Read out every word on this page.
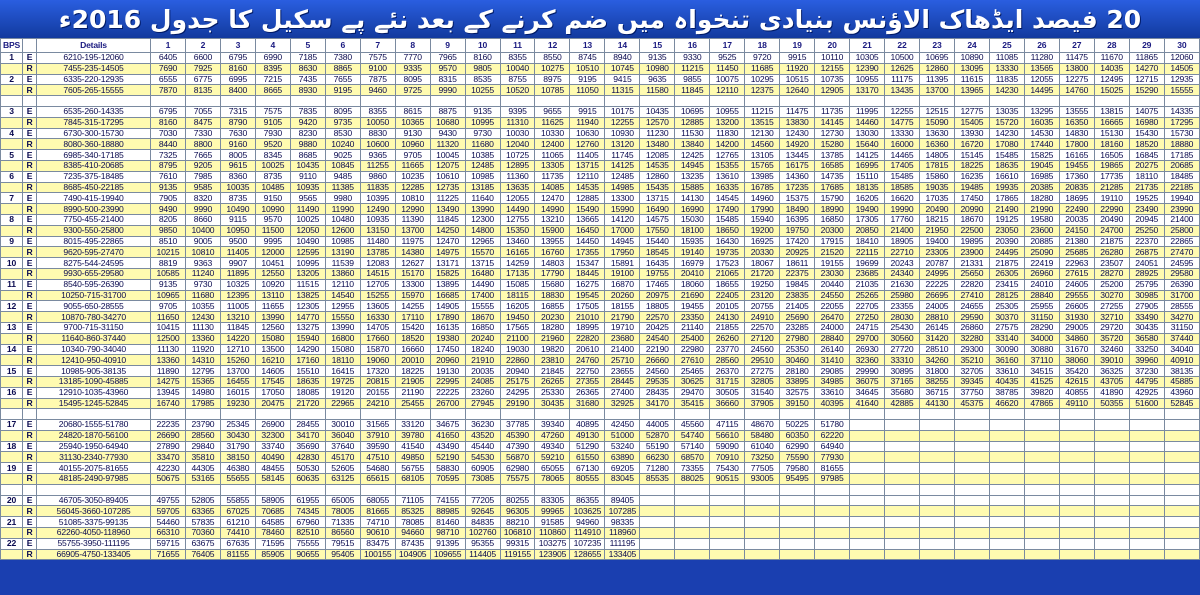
20 فیصد ایڈھاک الاؤنس بنیادی تنخواہ میں ضم کرنے کے بعد نئے پے سکیل کا جدول 2016ء
BPS		Details	1	2	3	4	5	6	7	8	9	10	11	12	13	14	15	16	17	18	19	20	21	22	23	24	25	26	27	28	29	30
1	E	6210-195-12060	6405	6600	6795	6990	7185	7380	7575	7770	7965	8160	8355	8550	8745	8940	9135	9330	9525	9720	9915	10110	10305	10500	10695	10890	11085	11280	11475	11670	11865	12060
	R	7455-235-14505	7690	7925	8160	8395	8630	8865	9100	9335	9570	9805	10040	10275	10510	10745	10980	11215	11450	11685	11920	12155	12390	12625	12860	13095	13330	13565	13800	14035	14270	14505
2	E	6335-220-12935	6555	6775	6995	7215	7435	7655	7875	8095	8315	8535	8755	8975	9195	9415	9635	9855	10075	10295	10515	10735	10955	11175	11395	11615	11835	12055	12275	12495	12715	12935
	R	7605-265-15555	7870	8135	8400	8665	8930	9195	9460	9725	9990	10255	10520	10785	11050	11315	11580	11845	12110	12375	12640	12905	13170	13435	13700	13965	14230	14495	14760	15025	15290	15555

3	E	6535-260-14335	6795	7055	7315	7575	7835	8095	8355	8615	8875	9135	9395	9655	9915	10175	10435	10695	10955	11215	11475	11735	11995	12255	12515	12775	13035	13295	13555	13815	14075	14335
	R	7845-315-17295	8160	8475	8790	9105	9420	9735	10050	10365	10680	10995	11310	11625	11940	12255	12570	12885	13200	13515	13830	14145	14460	14775	15090	15405	15720	16035	16350	16665	16980	17295
4	E	6730-300-15730	7030	7330	7630	7930	8230	8530	8830	9130	9430	9730	10030	10330	10630	10930	11230	11530	11830	12130	12430	12730	13030	13330	13630	13930	14230	14530	14830	15130	15430	15730
	R	8080-360-18880	8440	8800	9160	9520	9880	10240	10600	10960	11320	11680	12040	12400	12760	13120	13480	13840	14200	14560	14920	15280	15640	16000	16360	16720	17080	17440	17800	18160	18520	18880
5	E	6985-340-17185	7325	7665	8005	8345	8685	9025	9365	9705	10045	10385	10725	11065	11405	11745	12085	12425	12765	13105	13445	13785	14125	14465	14805	15145	15485	15825	16165	16505	16845	17185
	R	8385-410-20685	8795	9205	9615	10025	10435	10845	11255	11665	12075	12485	12895	13305	13715	14125	14535	14945	15355	15765	16175	16585	16995	17405	17815	18225	18635	19045	19455	19865	20275	20685
6	E	7235-375-18485	7610	7985	8360	8735	9110	9485	9860	10235	10610	10985	11360	11735	12110	12485	12860	13235	13610	13985	14360	14735	15110	15485	15860	16235	16610	16985	17360	17735	18110	18485
	R	8685-450-22185	9135	9585	10035	10485	10935	11385	11835	12285	12735	13185	13635	14085	14535	14985	15435	15885	16335	16785	17235	17685	18135	18585	19035	19485	19935	20385	20835	21285	21735	22185
7	E	7490-415-19940	7905	8320	8735	9150	9565	9980	10395	10810	11225	11640	12055	12470	12885	13300	13715	14130	14545	14960	15375	15790	16205	16620	17035	17450	17865	18280	18695	19110	19525	19940
	R	8990-500-23990	9490	9990	10490	10990	11490	11990	12490	12990	13490	13990	14490	14990	15490	15990	16490	16990	17490	17990	18490	18990	19490	19990	20490	20990	21490	21990	22490	22990	23490	23990
8	E	7750-455-21400	8205	8660	9115	9570	10025	10480	10935	11390	11845	12300	12755	13210	13665	14120	14575	15030	15485	15940	16395	16850	17305	17760	18215	18670	19125	19580	20035	20490	20945	21400
	R	9300-550-25800	9850	10400	10950	11500	12050	12600	13150	13700	14250	14800	15350	15900	16450	17000	17550	18100	18650	19200	19750	20300	20850	21400	21950	22500	23050	23600	24150	24700	25250	25800
9	E	8015-495-22865	8510	9005	9500	9995	10490	10985	11480	11975	12470	12965	13460	13955	14450	14945	15440	15935	16430	16925	17420	17915	18410	18905	19400	19895	20390	20885	21380	21875	22370	22865
	R	9620-595-27470	10215	10810	11405	12000	12595	13190	13785	14380	14975	15570	16165	16760	17355	17950	18545	19140	19735	20330	20925	21520	22115	22710	23305	23900	24495	25090	25685	26280	26875	27470
10	E	8275-544-24595	8819	9363	9907	10451	10995	11539	12083	12627	13171	13715	14259	14803	15347	15891	16435	16979	17523	18067	18611	19155	19699	20243	20787	21331	21875	22419	22963	23507	24051	24595
	R	9930-655-29580	10585	11240	11895	12550	13205	13860	14515	15170	15825	16480	17135	17790	18445	19100	19755	20410	21065	21720	22375	23030	23685	24340	24995	25650	26305	26960	27615	28270	28925	29580
11	E	8540-595-26390	9135	9730	10325	10920	11515	12110	12705	13300	13895	14490	15085	15680	16275	16870	17465	18060	18655	19250	19845	20440	21035	21630	22225	22820	23415	24010	24605	25200	25795	26390
	R	10250-715-31700	10965	11680	12395	13110	13825	14540	15255	15970	16685	17400	18115	18830	19545	20260	20975	21690	22405	23120	23835	24550	25265	25980	26695	27410	28125	28840	29555	30270	30985	31700
12	E	9055-650-28555	9705	10355	11005	11655	12305	12955	13605	14255	14905	15555	16205	16855	17505	18155	18805	19455	20105	20755	21405	22055	22705	23355	24005	24655	25305	25955	26605	27255	27905	28555
	R	10870-780-34270	11650	12430	13210	13990	14770	15550	16330	17110	17890	18670	19450	20230	21010	21790	22570	23350	24130	24910	25690	26470	27250	28030	28810	29590	30370	31150	31930	32710	33490	34270
13	E	9700-715-31150	10415	11130	11845	12560	13275	13990	14705	15420	16135	16850	17565	18280	18995	19710	20425	21140	21855	22570	23285	24000	24715	25430	26145	26860	27575	28290	29005	29720	30435	31150
	R	11640-860-37440	12500	13360	14220	15080	15940	16800	17660	18520	19380	20240	21100	21960	22820	23680	24540	25400	26260	27120	27980	28840	29700	30560	31420	32280	33140	34000	34860	35720	36580	37440
14	E	10340-790-34040	11130	11920	12710	13500	14290	15080	15870	16660	17450	18240	19030	19820	20610	21400	22190	22980	23770	24560	25350	26140	26930	27720	28510	29300	30090	30880	31670	32460	33250	34040
	R	12410-950-40910	13360	14310	15260	16210	17160	18110	19060	20010	20960	21910	22860	23810	24760	25710	26660	27610	28560	29510	30460	31410	32360	33310	34260	35210	36160	37110	38060	39010	39960	40910
15	E	10985-905-38135	11890	12795	13700	14605	15510	16415	17320	18225	19130	20035	20940	21845	22750	23655	24560	25465	26370	27275	28180	29085	29990	30895	31800	32705	33610	34515	35420	36325	37230	38135
	R	13185-1090-45885	14275	15365	16455	17545	18635	19725	20815	21905	22995	24085	25175	26265	27355	28445	29535	30625	31715	32805	33895	34985	36075	37165	38255	39345	40435	41525	42615	43705	44795	45885
16	E	12910-1035-43960	13945	14980	16015	17050	18085	19120	20155	21190	22225	23260	24295	25330	26365	27400	28435	29470	30505	31540	32575	33610	34645	35680	36715	37750	38785	39820	40855	41890	42925	43960
	R	15495-1245-52845	16740	17985	19230	20475	21720	22965	24210	25455	26700	27945	29190	30435	31680	32925	34170	35415	36660	37905	39150	40395	41640	42885	44130	45375	46620	47865	49110	50355	51600	52845

17	E	20680-1555-51780	22235	23790	25345	26900	28455	30010	31565	33120	34675	36230	37785	39340	40895	42450	44005	45560	47115	48670	50225	51780										
	R	24820-1870-56100	26690	28560	30430	32300	34170	36040	37910	39780	41650	43520	45390	47260	49130	51000	52870	54740	56610	58480	60350	62220										
18	E	25940-1950-64940	27890	29840	31790	33740	35690	37640	39590	41540	43490	45440	47390	49340	51290	53240	55190	57140	59090	61040	62990	64940										
	R	31130-2340-77930	33470	35810	38150	40490	42830	45170	47510	49850	52190	54530	56870	59210	61550	63890	66230	68570	70910	73250	75590	77930										
19	E	40155-2075-81655	42230	44305	46380	48455	50530	52605	54680	56755	58830	60905	62980	65055	67130	69205	71280	73355	75430	77505	79580	81655										
	R	48185-2490-97985	50675	53165	55655	58145	60635	63125	65615	68105	70595	73085	75575	78065	80555	83045	85535	88025	90515	93005	95495	97985										

20	E	46705-3050-89405	49755	52805	55855	58905	61955	65005	68055	71105	74155	77205	80255	83305	86355	89405																
	R	56045-3660-107285	59705	63365	67025	70685	74345	78005	81665	85325	88985	92645	96305	99965	103625	107285																
21	E	51085-3375-99135	54460	57835	61210	64585	67960	71335	74710	78085	81460	84835	88210	91585	94960	98335																
	R	62260-4050-118960	66310	70360	74410	78460	82510	86560	90610	94660	98710	102760	106810	110860	114910	118960																
22	E	55755-3950-111195	59715	63675	67635	71595	75555	79515	83475	87435	91395	95355	99315	103275	107235	111195																
	R	66905-4750-133405	71655	76405	81155	85905	90655	95405	100155	104905	109655	114405	119155	123905	128655	133405																
